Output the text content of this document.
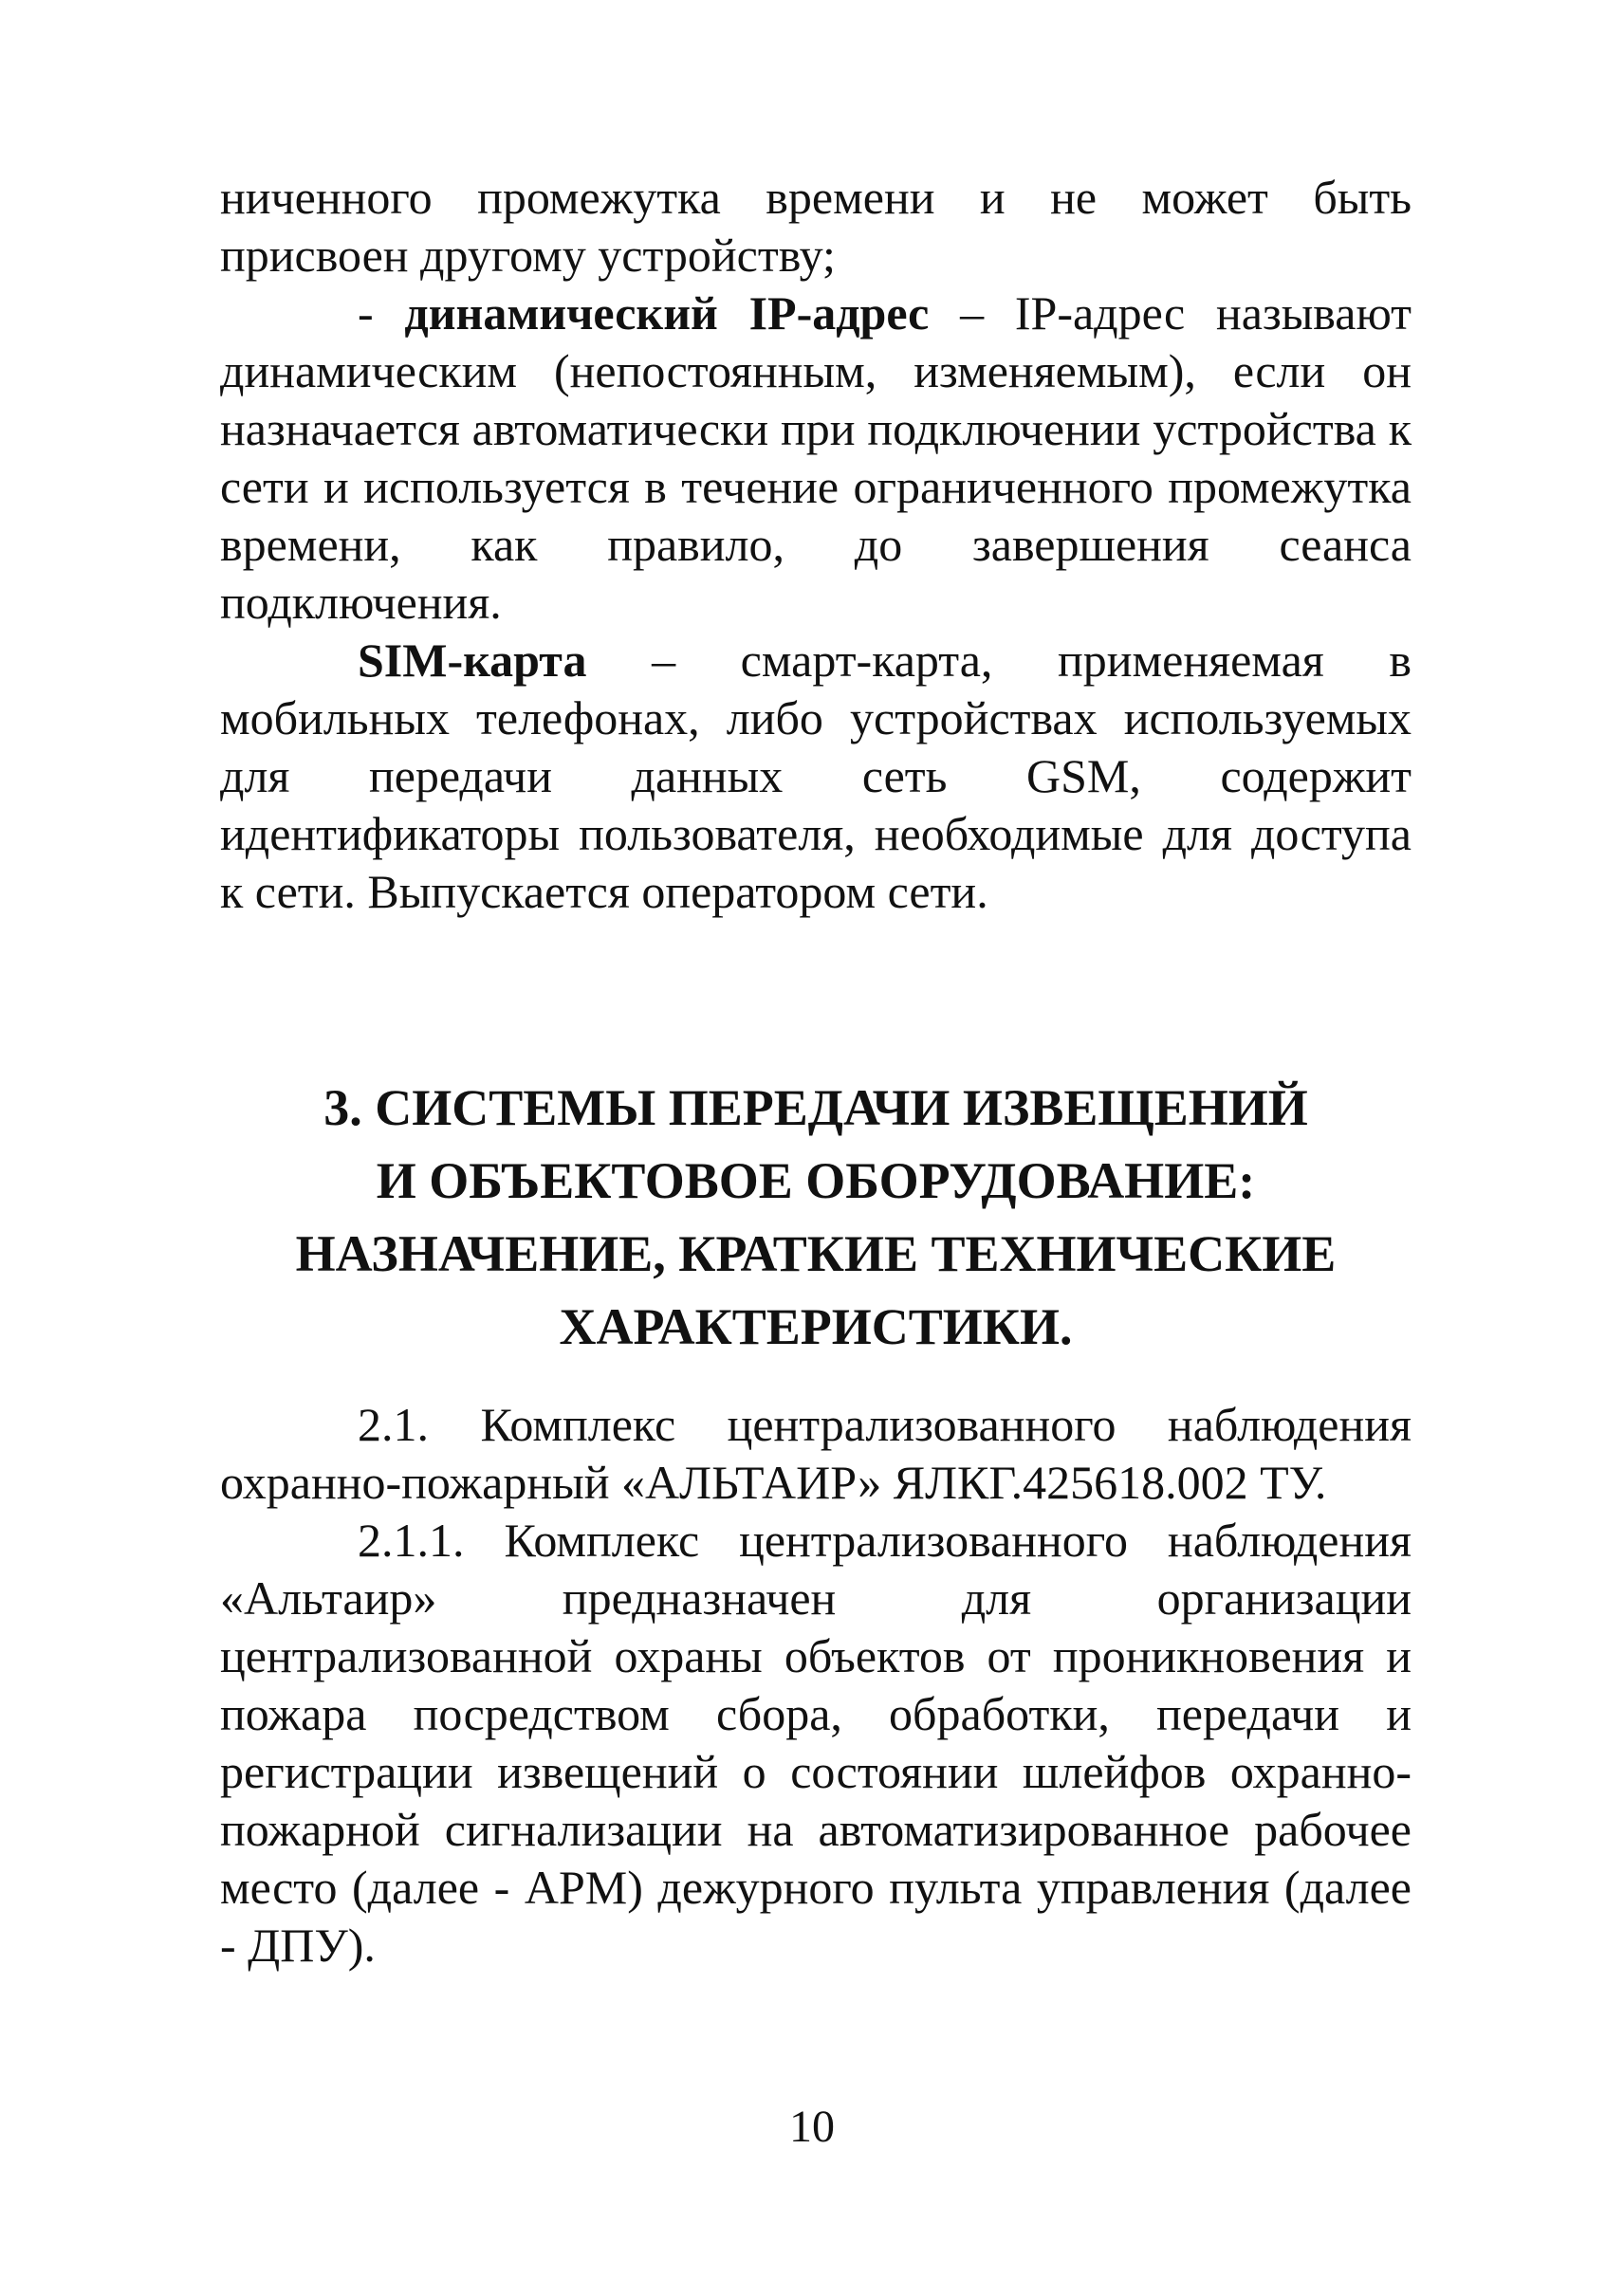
ниченного промежутка времени и не может быть присвоен другому устройству;

- динамический IP-адрес – IP-адрес называют динамическим (непостоянным, изменяемым), если он назначается автоматически при подключении устройства к сети и используется в течение ограниченного промежутка времени, как правило, до завершения сеанса подключения.

SIM-карта – смарт-карта, применяемая в мобильных телефонах, либо устройствах используемых для передачи данных сеть GSM, содержит идентификаторы пользователя, необходимые для доступа к сети. Выпускается оператором сети.

3. СИСТЕМЫ ПЕРЕДАЧИ ИЗВЕЩЕНИЙ
И ОБЪЕКТОВОЕ ОБОРУДОВАНИЕ:
НАЗНАЧЕНИЕ, КРАТКИЕ ТЕХНИЧЕСКИЕ
ХАРАКТЕРИСТИКИ.

2.1. Комплекс централизованного наблюдения охранно-пожарный «АЛЬТАИР» ЯЛКГ.425618.002 ТУ.

2.1.1. Комплекс централизованного наблюдения «Альтаир» предназначен для организации централизованной охраны объектов от проникновения и пожара посредством сбора, обработки, передачи и регистрации извещений о состоянии шлейфов охранно-пожарной сигнализации на автоматизированное рабочее место (далее - АРМ) дежурного пульта управления (далее - ДПУ).

10
